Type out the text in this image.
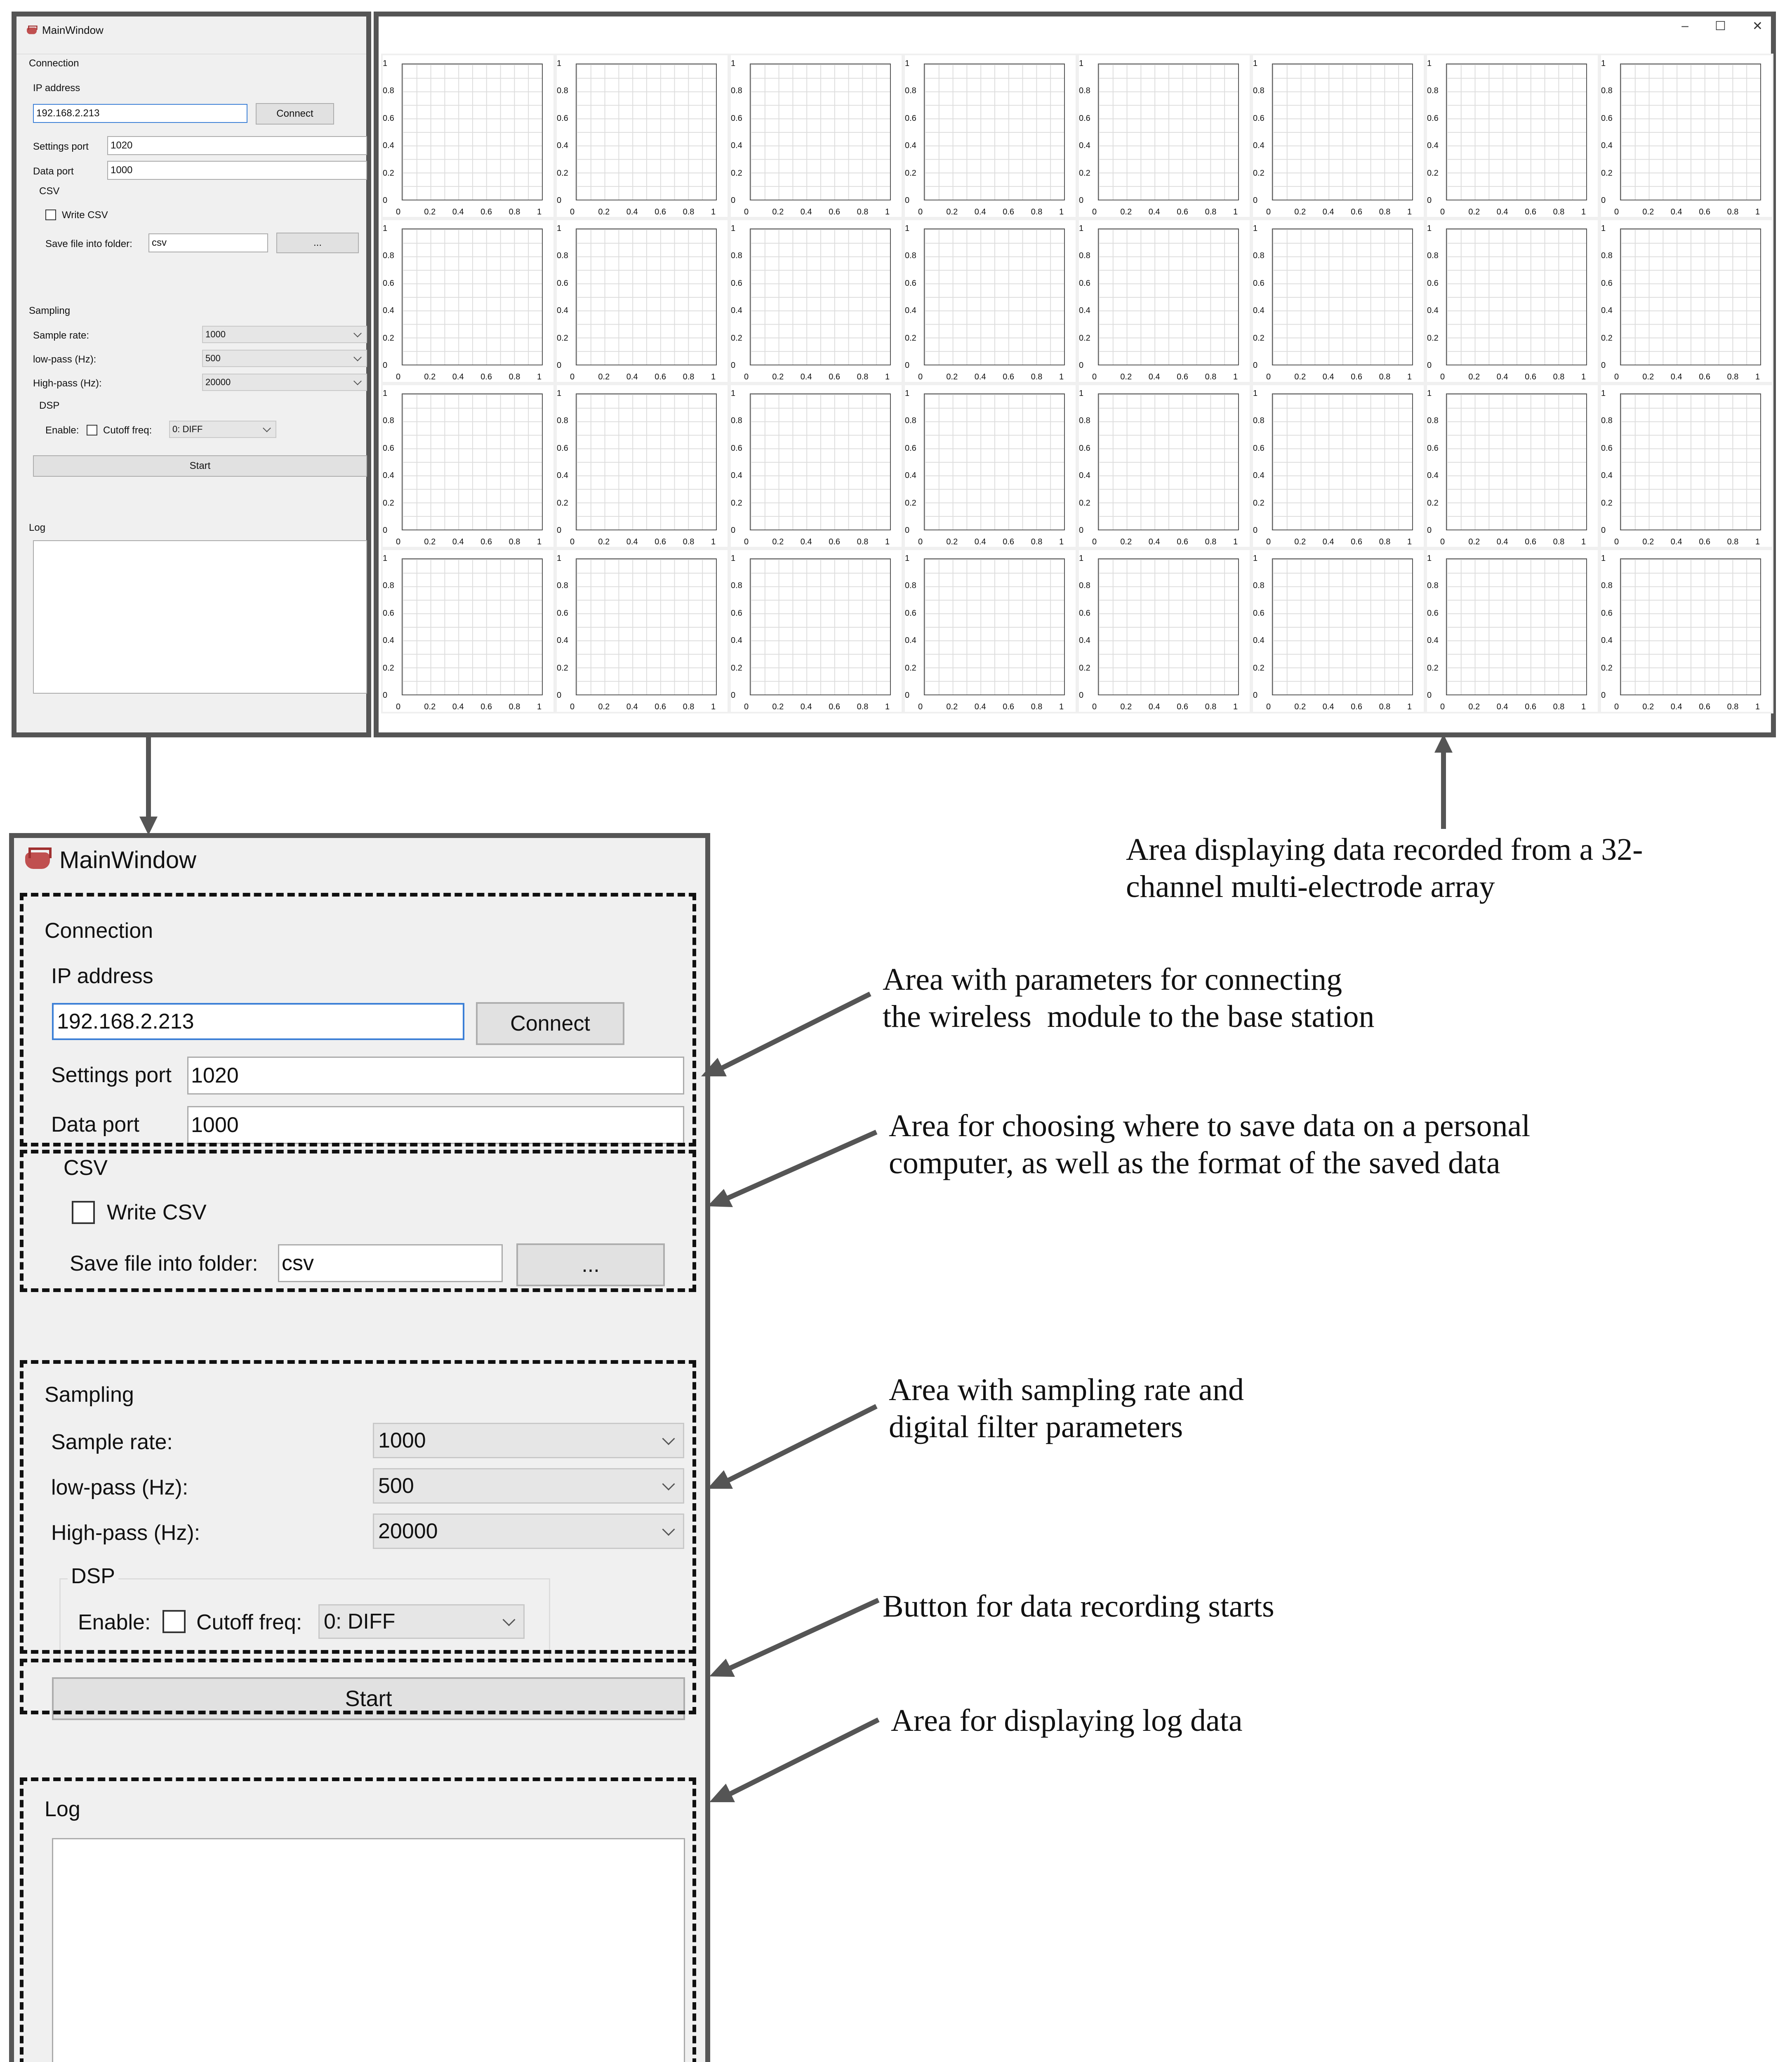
MainWindow
Connection
IP address
192.168.2.213	Connect
Settings port	1020
Data port	1000
CSV
Write CSV
Save file into folder:	csv	...
Sampling
Sample rate:	1000
low-pass (Hz):	500
High-pass (Hz):	20000
DSP
Enable: Cutoff freq: 0: DIFF
Start
Log
– ☐ ✕
1
0.8
0.6
0.4
0.2
0
0	0.2 0.4 0.6 0.8 1
1
0.8
0.6
0.4
0.2
0
0	0.2 0.4 0.6 0.8 1
1
0.8
0.6
0.4
0.2
0
0	0.2 0.4 0.6 0.8 1
1
0.8
0.6
0.4
0.2
0
0	0.2 0.4 0.6 0.8 1
1
0.8
0.6
0.4
0.2
0
0	0.2 0.4 0.6 0.8 1
1
0.8
0.6
0.4
0.2
0
0	0.2 0.4 0.6 0.8 1
1
0.8
0.6
0.4
0.2
0
0	0.2 0.4 0.6 0.8 1
1
0.8
0.6
0.4
0.2
0
0	0.2 0.4 0.6 0.8 1
1
0.8
0.6
0.4
0.2
0
0	0.2 0.4 0.6 0.8 1
1
0.8
0.6
0.4
0.2
0
0	0.2 0.4 0.6 0.8 1
1
0.8
0.6
0.4
0.2
0
0	0.2 0.4 0.6 0.8 1
1
0.8
0.6
0.4
0.2
0
0	0.2 0.4 0.6 0.8 1
1
0.8
0.6
0.4
0.2
0
0	0.2 0.4 0.6 0.8 1
1
0.8
0.6
0.4
0.2
0
0	0.2 0.4 0.6 0.8 1
1
0.8
0.6
0.4
0.2
0
0	0.2 0.4 0.6 0.8 1
1
0.8
0.6
0.4
0.2
0
0	0.2 0.4 0.6 0.8 1
1
0.8
0.6
0.4
0.2
0
0	0.2 0.4 0.6 0.8 1
1
0.8
0.6
0.4
0.2
0
0	0.2 0.4 0.6 0.8 1
1
0.8
0.6
0.4
0.2
0
0	0.2 0.4 0.6 0.8 1
1
0.8
0.6
0.4
0.2
0
0	0.2 0.4 0.6 0.8 1
1
0.8
0.6
0.4
0.2
0
0	0.2 0.4 0.6 0.8 1
1
0.8
0.6
0.4
0.2
0
0	0.2 0.4 0.6 0.8 1
1
0.8
0.6
0.4
0.2
0
0	0.2 0.4 0.6 0.8 1
1
0.8
0.6
0.4
0.2
0
0	0.2 0.4 0.6 0.8 1
1
0.8
0.6
0.4
0.2
0
0	0.2 0.4 0.6 0.8 1
1
0.8
0.6
0.4
0.2
0
0	0.2 0.4 0.6 0.8 1
1
0.8
0.6
0.4
0.2
0
0	0.2 0.4 0.6 0.8 1
1
0.8
0.6
0.4
0.2
0
0	0.2 0.4 0.6 0.8 1
1
0.8
0.6
0.4
0.2
0
0	0.2 0.4 0.6 0.8 1
1
0.8
0.6
0.4
0.2
0
0	0.2 0.4 0.6 0.8 1
1
0.8
0.6
0.4
0.2
0
0	0.2 0.4 0.6 0.8 1
1
0.8
0.6
0.4
0.2
0
0	0.2 0.4 0.6 0.8 1
MainWindow
Connection
IP address
192.168.2.213	Connect
Settings port 1020
Data port 1000
CSV
Write CSV
Save file into folder: csv	...
Sampling
Sample rate:	1000
low-pass (Hz):	500
High-pass (Hz):	20000
DSP
Enable: Cutoff freq: 0: DIFF
Start
Log
Area displaying data recorded from a 32-
channel multi-electrode array
Area with parameters for connecting
the wireless  module to the base station
Area for choosing where to save data on a personal
computer, as well as the format of the saved data
Area with sampling rate and
digital filter parameters
Button for data recording starts
Area for displaying log data
